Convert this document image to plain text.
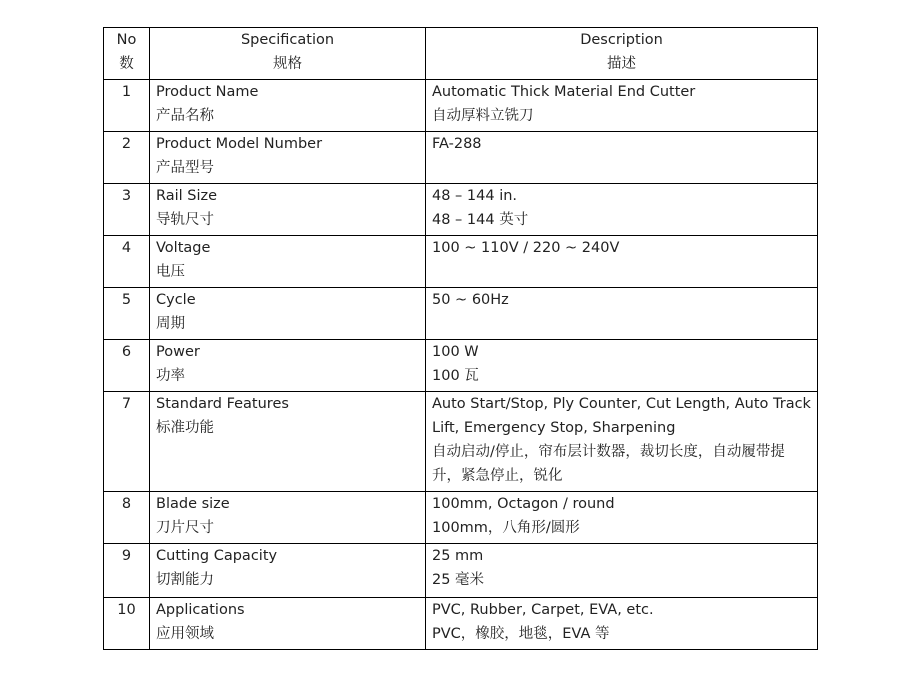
No
数	Specification
规格	Description
描述

1	Product Name
产品名称	Automatic Thick Material End Cutter
自动厚料立铣刀

2	Product Model Number
产品型号	FA-288

3	Rail Size
导轨尺寸	48 – 144 in.
48 – 144 英寸

4	Voltage
电压	100 ~ 110V / 220 ~ 240V

5	Cycle
周期	50 ~ 60Hz

6	Power
功率	100 W
100 瓦

7	Standard Features
标准功能	Auto Start/Stop, Ply Counter, Cut Length, Auto Track Lift, Emergency Stop, Sharpening
自动启动/停止，帘布层计数器，裁切长度，自动履带提升，紧急停止，锐化

8	Blade size
刀片尺寸	100mm, Octagon / round
100mm，八角形/圆形

9	Cutting Capacity
切割能力	25 mm
25 毫米

10	Applications
应用领域	PVC, Rubber, Carpet, EVA, etc.
PVC，橡胶，地毯，EVA 等
